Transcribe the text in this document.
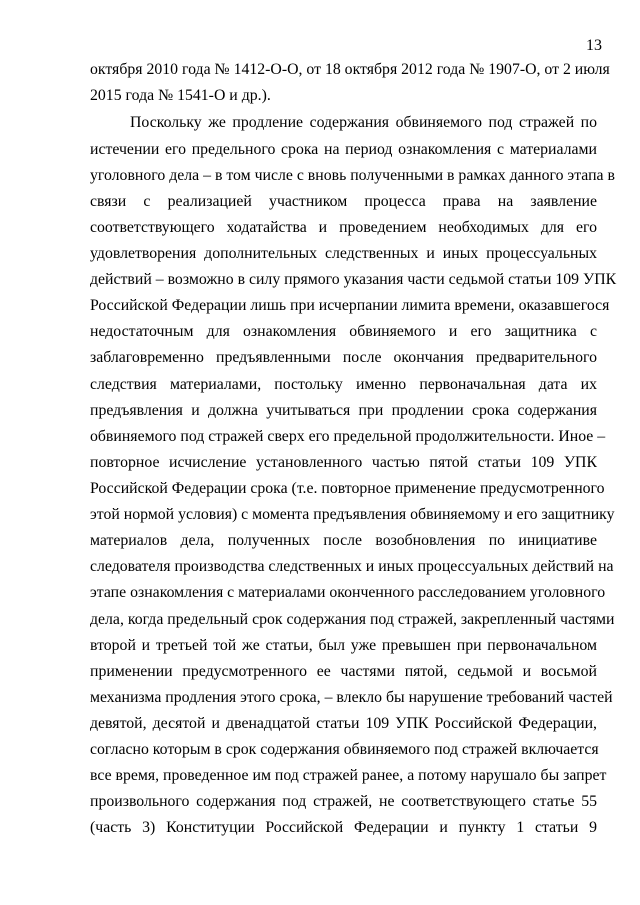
13
октября 2010 года № 1412-О-О, от 18 октября 2012 года № 1907-О, от 2 июля
2015 года № 1541-О и др.).
Поскольку же продление содержания обвиняемого под стражей по
истечении его предельного срока на период ознакомления с материалами
уголовного дела – в том числе с вновь полученными в рамках данного этапа в
связи с реализацией участником процесса права на заявление
соответствующего ходатайства и проведением необходимых для его
удовлетворения дополнительных следственных и иных процессуальных
действий – возможно в силу прямого указания части седьмой статьи 109 УПК
Российской Федерации лишь при исчерпании лимита времени, оказавшегося
недостаточным для ознакомления обвиняемого и его защитника с
заблаговременно предъявленными после окончания предварительного
следствия материалами, постольку именно первоначальная дата их
предъявления и должна учитываться при продлении срока содержания
обвиняемого под стражей сверх его предельной продолжительности. Иное –
повторное исчисление установленного частью пятой статьи 109 УПК
Российской Федерации срока (т.е. повторное применение предусмотренного
этой нормой условия) с момента предъявления обвиняемому и его защитнику
материалов дела, полученных после возобновления по инициативе
следователя производства следственных и иных процессуальных действий на
этапе ознакомления с материалами оконченного расследованием уголовного
дела, когда предельный срок содержания под стражей, закрепленный частями
второй и третьей той же статьи, был уже превышен при первоначальном
применении предусмотренного ее частями пятой, седьмой и восьмой
механизма продления этого срока, – влекло бы нарушение требований частей
девятой, десятой и двенадцатой статьи 109 УПК Российской Федерации,
согласно которым в срок содержания обвиняемого под стражей включается
все время, проведенное им под стражей ранее, а потому нарушало бы запрет
произвольного содержания под стражей, не соответствующего статье 55
(часть 3) Конституции Российской Федерации и пункту 1 статьи 9
